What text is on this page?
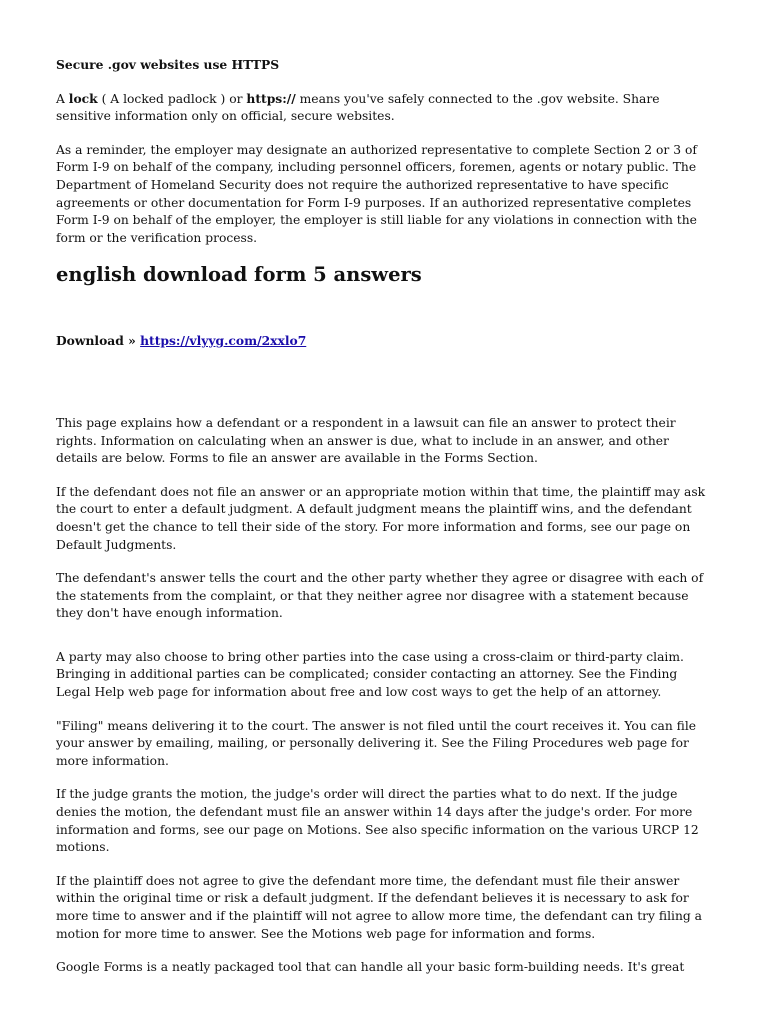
Secure .gov websites use HTTPS

A lock ( A locked padlock ) or https:// means you've safely connected to the .gov website. Share sensitive information only on official, secure websites.

As a reminder, the employer may designate an authorized representative to complete Section 2 or 3 of Form I-9 on behalf of the company, including personnel officers, foremen, agents or notary public. The Department of Homeland Security does not require the authorized representative to have specific agreements or other documentation for Form I-9 purposes. If an authorized representative completes Form I-9 on behalf of the employer, the employer is still liable for any violations in connection with the form or the verification process.

english download form 5 answers

Download » https://vlyyg.com/2xxlo7

This page explains how a defendant or a respondent in a lawsuit can file an answer to protect their rights. Information on calculating when an answer is due, what to include in an answer, and other details are below. Forms to file an answer are available in the Forms Section.

If the defendant does not file an answer or an appropriate motion within that time, the plaintiff may ask the court to enter a default judgment. A default judgment means the plaintiff wins, and the defendant doesn't get the chance to tell their side of the story. For more information and forms, see our page on Default Judgments.

The defendant's answer tells the court and the other party whether they agree or disagree with each of the statements from the complaint, or that they neither agree nor disagree with a statement because they don't have enough information.

A party may also choose to bring other parties into the case using a cross-claim or third-party claim. Bringing in additional parties can be complicated; consider contacting an attorney. See the Finding Legal Help web page for information about free and low cost ways to get the help of an attorney.

"Filing" means delivering it to the court. The answer is not filed until the court receives it. You can file your answer by emailing, mailing, or personally delivering it. See the Filing Procedures web page for more information.

If the judge grants the motion, the judge's order will direct the parties what to do next. If the judge denies the motion, the defendant must file an answer within 14 days after the judge's order. For more information and forms, see our page on Motions. See also specific information on the various URCP 12 motions.

If the plaintiff does not agree to give the defendant more time, the defendant must file their answer within the original time or risk a default judgment. If the defendant believes it is necessary to ask for more time to answer and if the plaintiff will not agree to allow more time, the defendant can try filing a motion for more time to answer. See the Motions web page for information and forms.

Google Forms is a neatly packaged tool that can handle all your basic form-building needs. It's great
